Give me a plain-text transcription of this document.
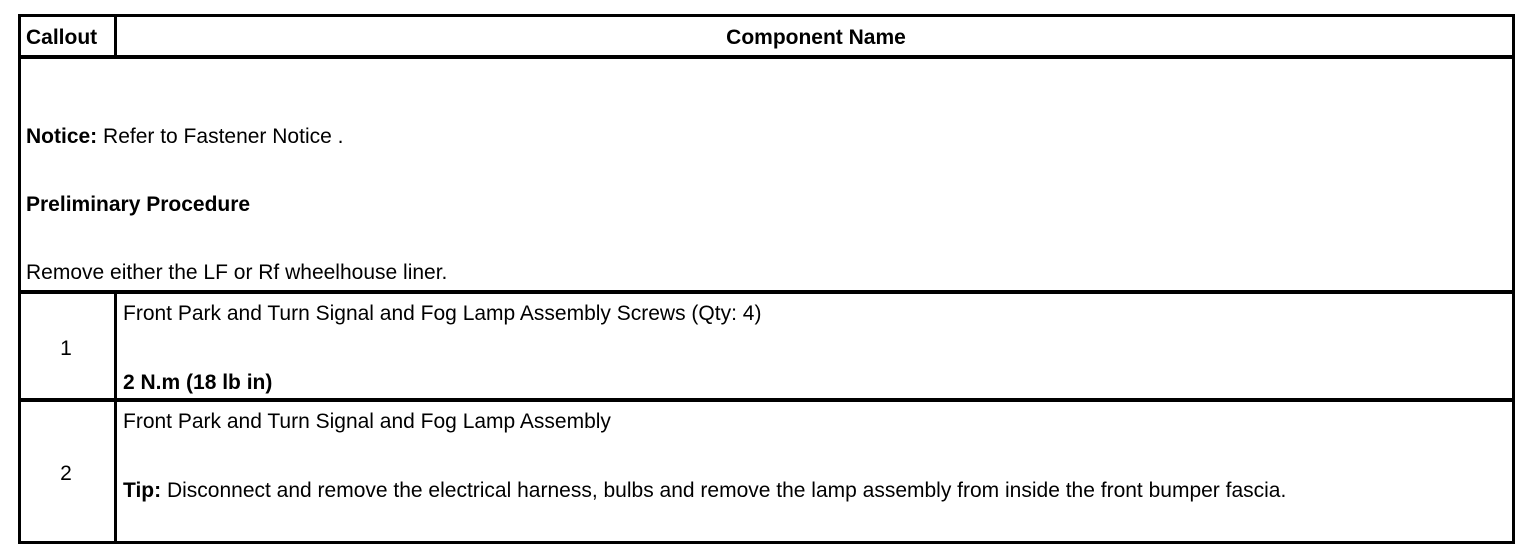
Callout	Component Name
Notice: Refer to Fastener Notice .
Preliminary Procedure
Remove either the LF or Rf wheelhouse liner.
1
Front Park and Turn Signal and Fog Lamp Assembly Screws (Qty: 4)
2 N.m (18 lb in)
2
Front Park and Turn Signal and Fog Lamp Assembly
Tip: Disconnect and remove the electrical harness, bulbs and remove the lamp assembly from inside the front bumper fascia.
